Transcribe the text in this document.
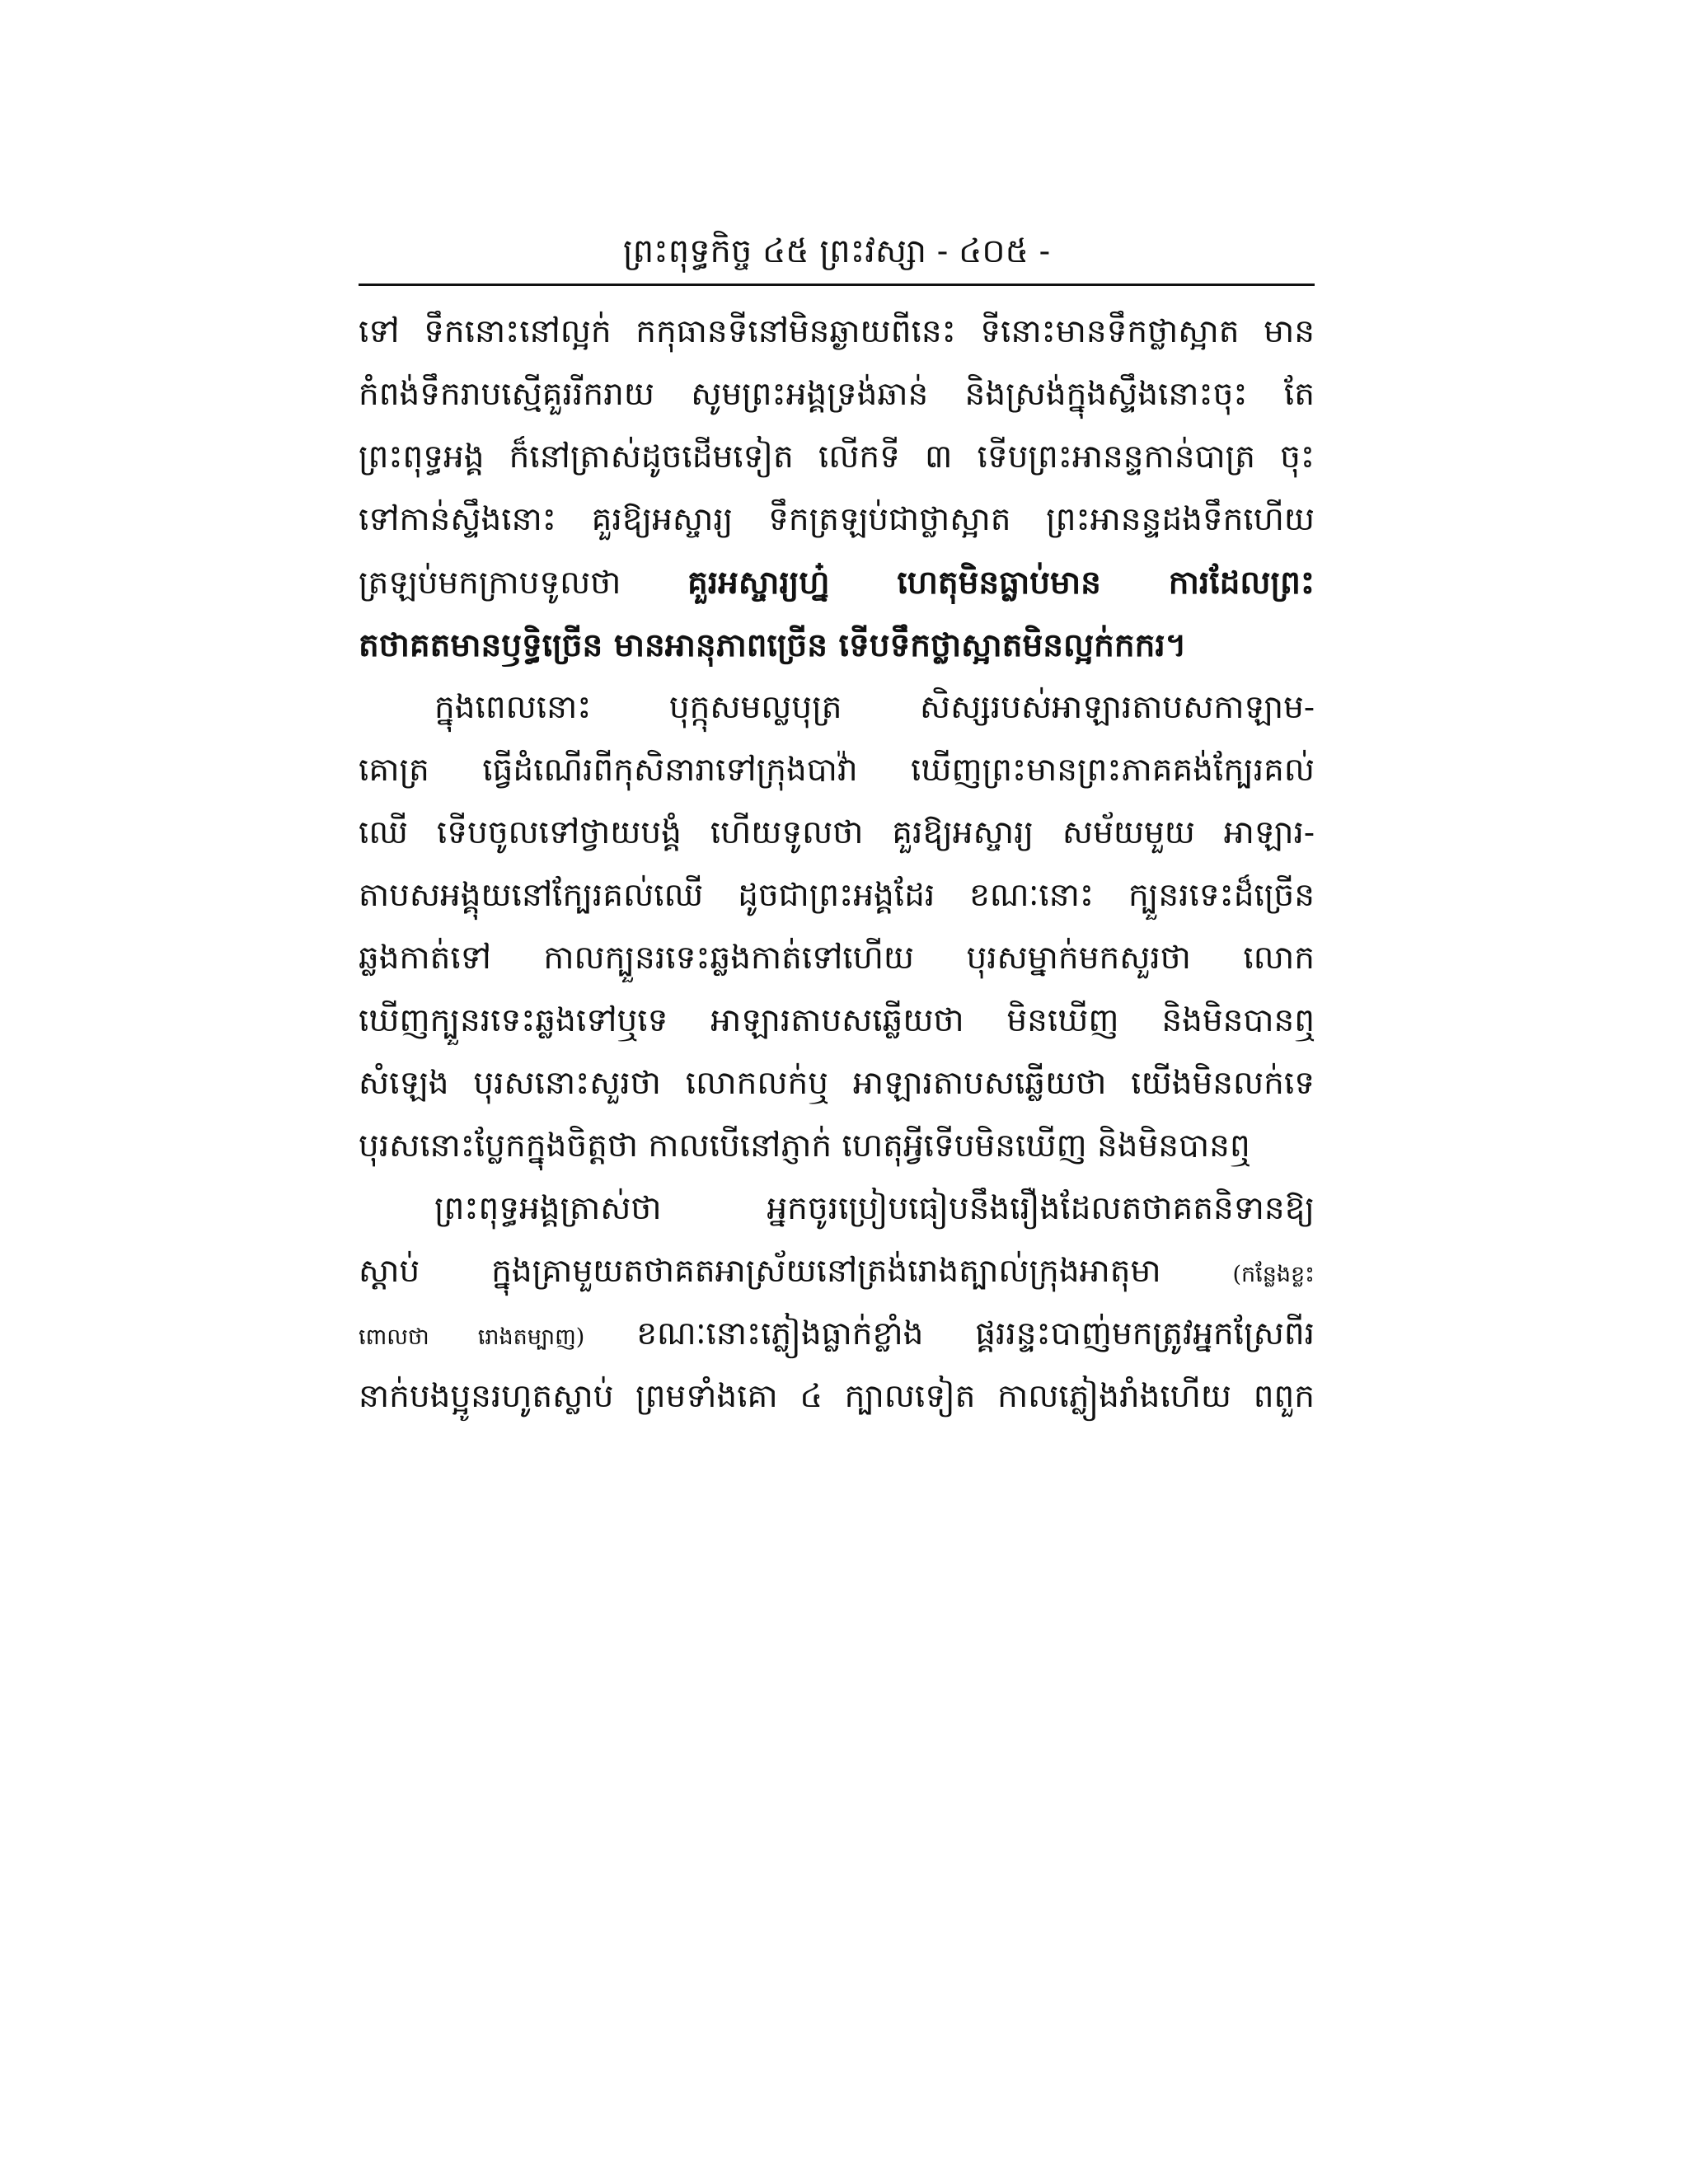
ព្រះពុទ្ធកិច្ច ៤៥ ព្រះវស្សា - ៤០៥ -
ទៅ ទឹកនោះនៅល្អក់ កកុធានទីនៅមិនឆ្ងាយពីនេះ ទីនោះមានទឹកថ្លាស្អាត មាន
កំពង់ទឹករាបស្មើគួររីករាយ សូមព្រះអង្គទ្រង់ឆាន់ និងស្រង់ក្នុងស្ទឹងនោះចុះ តែ
ព្រះពុទ្ធអង្គ ក៏នៅត្រាស់ដូចដើមទៀត លើកទី ៣ ទើបព្រះអានន្ទកាន់បាត្រ ចុះ
ទៅកាន់ស្ទឹងនោះ គួរឱ្យអស្ចារ្យ ទឹកត្រឡប់ជាថ្លាស្អាត ព្រះអានន្ទដងទឹកហើយ
ត្រឡប់មកក្រាបទូលថា គួរអស្ចារ្យហ្ន៎ ហេតុមិនធ្លាប់មាន ការដែលព្រះ
តថាគតមានឫទ្ធិច្រើន មានអានុភាពច្រើន ទើបទឹកថ្លាស្អាតមិនល្អក់កករ។
ក្នុងពេលនោះ បុក្កុសមល្លបុត្រ សិស្សរបស់អាឡារតាបសកាឡាម-
គោត្រ ធ្វើដំណើរពីកុសិនារាទៅក្រុងបាវ៉ា ឃើញព្រះមានព្រះភាគគង់ក្បែរគល់
ឈើ ទើបចូលទៅថ្វាយបង្គំ ហើយទូលថា គួរឱ្យអស្ចារ្យ សម័យមួយ អាឡារ-
តាបសអង្គុយនៅក្បែរគល់ឈើ ដូចជាព្រះអង្គដែរ ខណៈនោះ ក្បួនរទេះដ៏ច្រើន
ឆ្លងកាត់ទៅ កាលក្បួនរទេះឆ្លងកាត់ទៅហើយ បុរសម្នាក់មកសួរថា លោក
ឃើញក្បួនរទេះឆ្លងទៅឬទេ អាឡារតាបសឆ្លើយថា មិនឃើញ និងមិនបានឮ
សំឡេង បុរសនោះសួរថា លោកលក់ឬ អាឡារតាបសឆ្លើយថា យើងមិនលក់ទេ
បុរសនោះប្លែកក្នុងចិត្តថា កាលបើនៅភ្ញាក់ ហេតុអ្វីទើបមិនឃើញ និងមិនបានឮ
ព្រះពុទ្ធអង្គត្រាស់ថា អ្នកចូរប្រៀបធៀបនឹងរឿងដែលតថាគតនិទានឱ្យ
ស្តាប់ ក្នុងគ្រាមួយតថាគតអាស្រ័យនៅត្រង់រោងត្បាល់ក្រុងអាតុមា (កន្លែងខ្លះ
ពោលថា រោងតម្បាញ) ខណៈនោះភ្លៀងធ្លាក់ខ្លាំង ផ្គររន្ទះបាញ់មកត្រូវអ្នកស្រែពីរ
នាក់បងប្អូនរហូតស្លាប់ ព្រមទាំងគោ ៤ ក្បាលទៀត កាលភ្លៀងរាំងហើយ ពពួក
